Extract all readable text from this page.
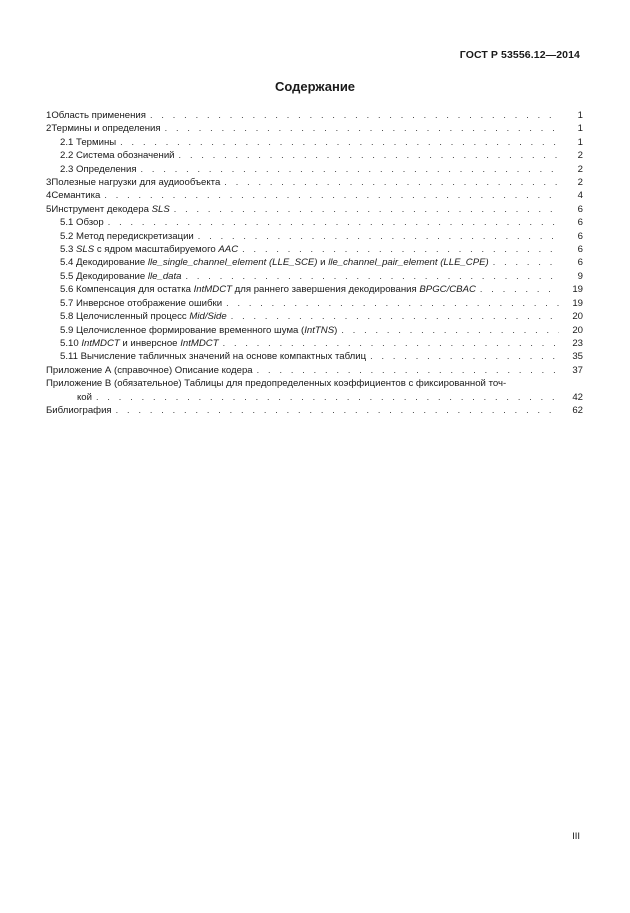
ГОСТ Р 53556.12—2014
Содержание
1 Область применения . . .	1
2 Термины и определения . . .	1
2.1 Термины . . .	1
2.2 Система обозначений . . .	2
2.3 Определения . . .	2
3 Полезные нагрузки для аудиообъекта . . .	2
4 Семантика . . .	4
5 Инструмент декодера SLS . . .	6
5.1 Обзор . . .	6
5.2 Метод передискретизации . . .	6
5.3 SLS с ядром масштабируемого AAC . . .	6
5.4 Декодирование lle_single_channel_element (LLE_SCE) и lle_channel_pair_element (LLE_CPE) . . .	6
5.5 Декодирование lle_data . . .	9
5.6 Компенсация для остатка IntMDCT для раннего завершения декодирования BPGC/CBAC . . .	19
5.7 Инверсное отображение ошибки . . .	19
5.8 Целочисленный процесс Mid/Side . . .	20
5.9 Целочисленное формирование временного шума (IntTNS) . . .	20
5.10 IntMDCT и инверсное IntMDCT . . .	23
5.11 Вычисление табличных значений на основе компактных таблиц . . .	35
Приложение А (справочное) Описание кодера . . .	37
Приложение В (обязательное) Таблицы для предопределенных коэффициентов с фиксированной точ-
кой . . .	42
Библиография . . .	62
III
